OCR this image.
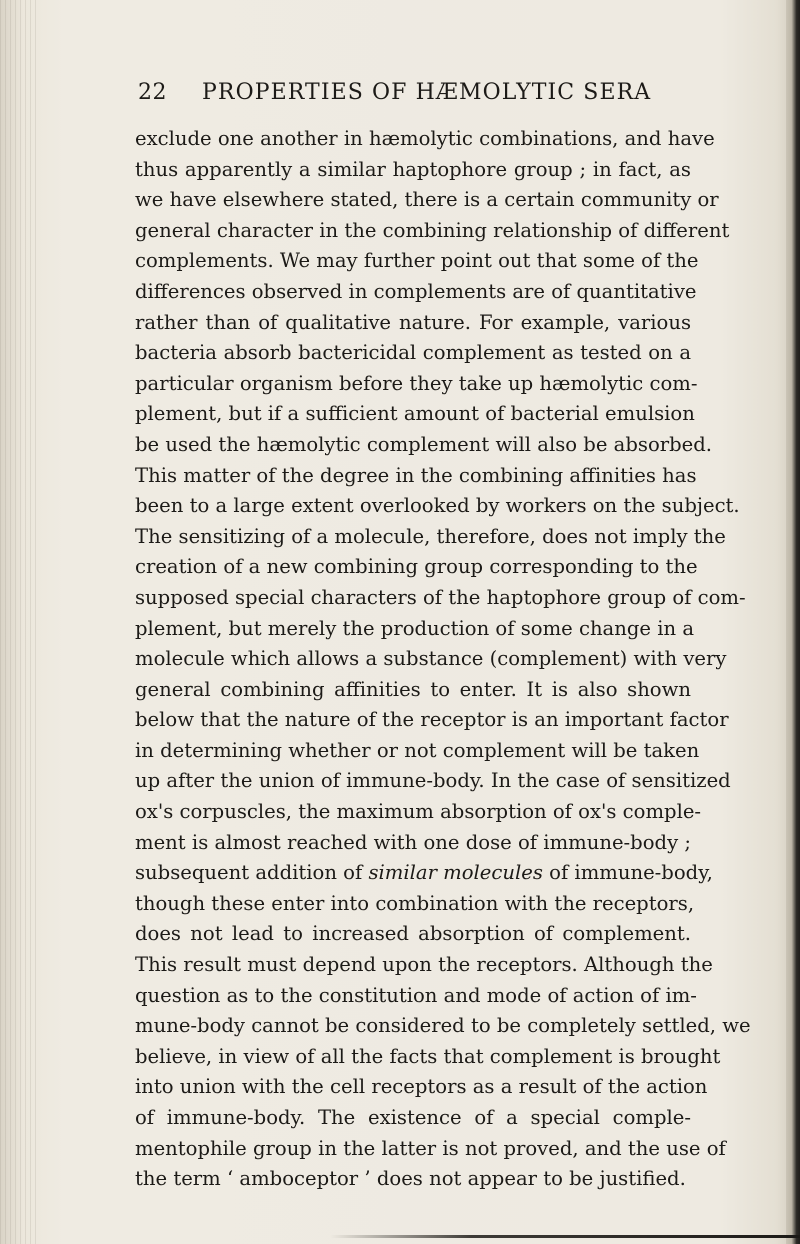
22 PROPERTIES OF HÆMOLYTIC SERA
exclude one another in hæmolytic combinations, and have
thus apparently a similar haptophore group ; in fact, as
we have elsewhere stated, there is a certain community or
general character in the combining relationship of different
complements. We may further point out that some of the
differences observed in complements are of quantitative
rather than of qualitative nature. For example, various
bacteria absorb bactericidal complement as tested on a
particular organism before they take up hæmolytic com-
plement, but if a sufficient amount of bacterial emulsion
be used the hæmolytic complement will also be absorbed.
This matter of the degree in the combining affinities has
been to a large extent overlooked by workers on the subject.
The sensitizing of a molecule, therefore, does not imply the
creation of a new combining group corresponding to the
supposed special characters of the haptophore group of com-
plement, but merely the production of some change in a
molecule which allows a substance (complement) with very
general combining affinities to enter. It is also shown
below that the nature of the receptor is an important factor
in determining whether or not complement will be taken
up after the union of immune-body. In the case of sensitized
ox's corpuscles, the maximum absorption of ox's comple-
ment is almost reached with one dose of immune-body ;
subsequent addition of similar molecules of immune-body,
though these enter into combination with the receptors,
does not lead to increased absorption of complement.
This result must depend upon the receptors. Although the
question as to the constitution and mode of action of im-
mune-body cannot be considered to be completely settled, we
believe, in view of all the facts that complement is brought
into union with the cell receptors as a result of the action
of immune-body. The existence of a special comple-
mentophile group in the latter is not proved, and the use of
the term ‘ amboceptor ’ does not appear to be justified.
